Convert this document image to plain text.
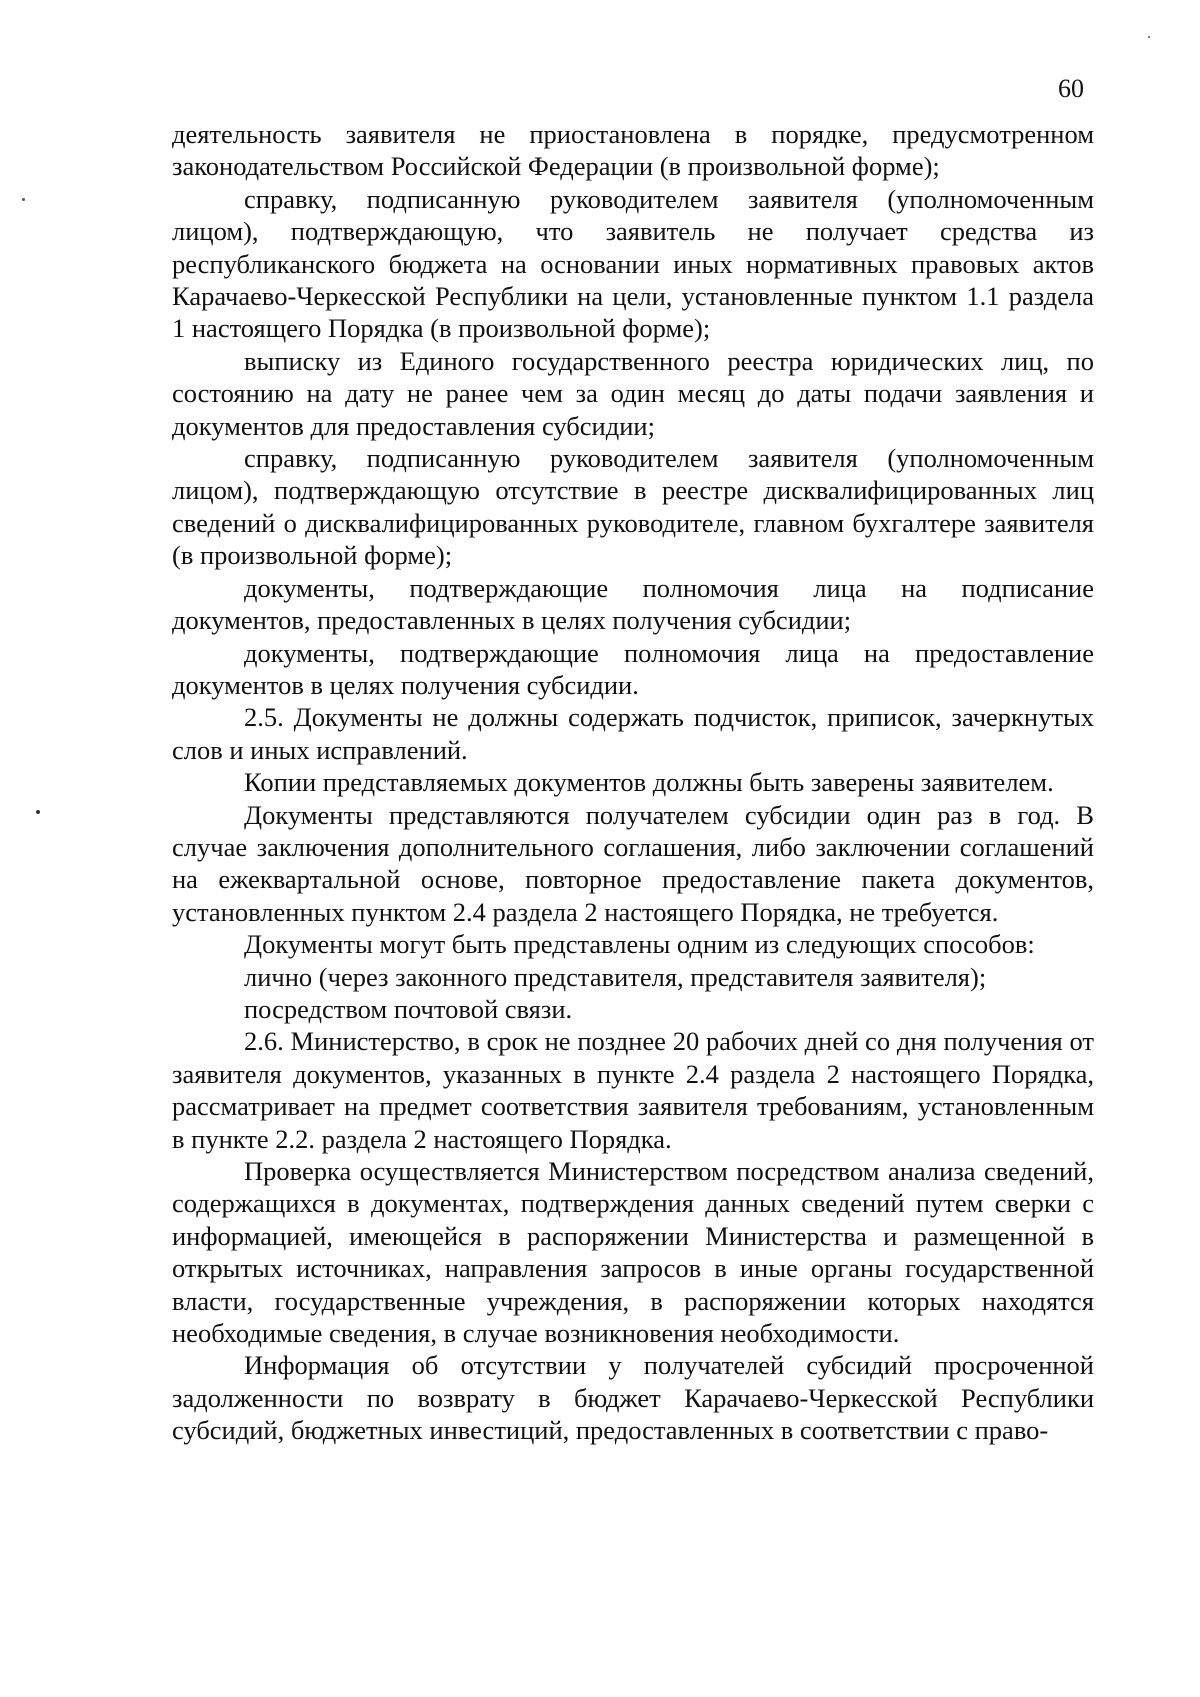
60

деятельность заявителя не приостановлена в порядке, предусмотренном законодательством Российской Федерации (в произвольной форме);

справку, подписанную руководителем заявителя (уполномоченным лицом), подтверждающую, что заявитель не получает средства из республиканского бюджета на основании иных нормативных правовых актов Карачаево-Черкесской Республики на цели, установленные пунктом 1.1 раздела 1 настоящего Порядка (в произвольной форме);

выписку из Единого государственного реестра юридических лиц, по состоянию на дату не ранее чем за один месяц до даты подачи заявления и документов для предоставления субсидии;

справку, подписанную руководителем заявителя (уполномоченным лицом), подтверждающую отсутствие в реестре дисквалифицированных лиц сведений о дисквалифицированных руководителе, главном бухгалтере заявителя (в произвольной форме);

документы, подтверждающие полномочия лица на подписание документов, предоставленных в целях получения субсидии;

документы, подтверждающие полномочия лица на предоставление документов в целях получения субсидии.

2.5. Документы не должны содержать подчисток, приписок, зачеркнутых слов и иных исправлений.

Копии представляемых документов должны быть заверены заявителем.

Документы представляются получателем субсидии один раз в год. В случае заключения дополнительного соглашения, либо заключении соглашений на ежеквартальной основе, повторное предоставление пакета документов, установленных пунктом 2.4 раздела 2 настоящего Порядка, не требуется.

Документы могут быть представлены одним из следующих способов:

лично (через законного представителя, представителя заявителя);

посредством почтовой связи.

2.6. Министерство, в срок не позднее 20 рабочих дней со дня получения от заявителя документов, указанных в пункте 2.4 раздела 2 настоящего Порядка, рассматривает на предмет соответствия заявителя требованиям, установленным в пункте 2.2. раздела 2 настоящего Порядка.

Проверка осуществляется Министерством посредством анализа сведений, содержащихся в документах, подтверждения данных сведений путем сверки с информацией, имеющейся в распоряжении Министерства и размещенной в открытых источниках, направления запросов в иные органы государственной власти, государственные учреждения, в распоряжении которых находятся необходимые сведения, в случае возникновения необходимости.

Информация об отсутствии у получателей субсидий просроченной задолженности по возврату в бюджет Карачаево-Черкесской Республики субсидий, бюджетных инвестиций, предоставленных в соответствии с право-
